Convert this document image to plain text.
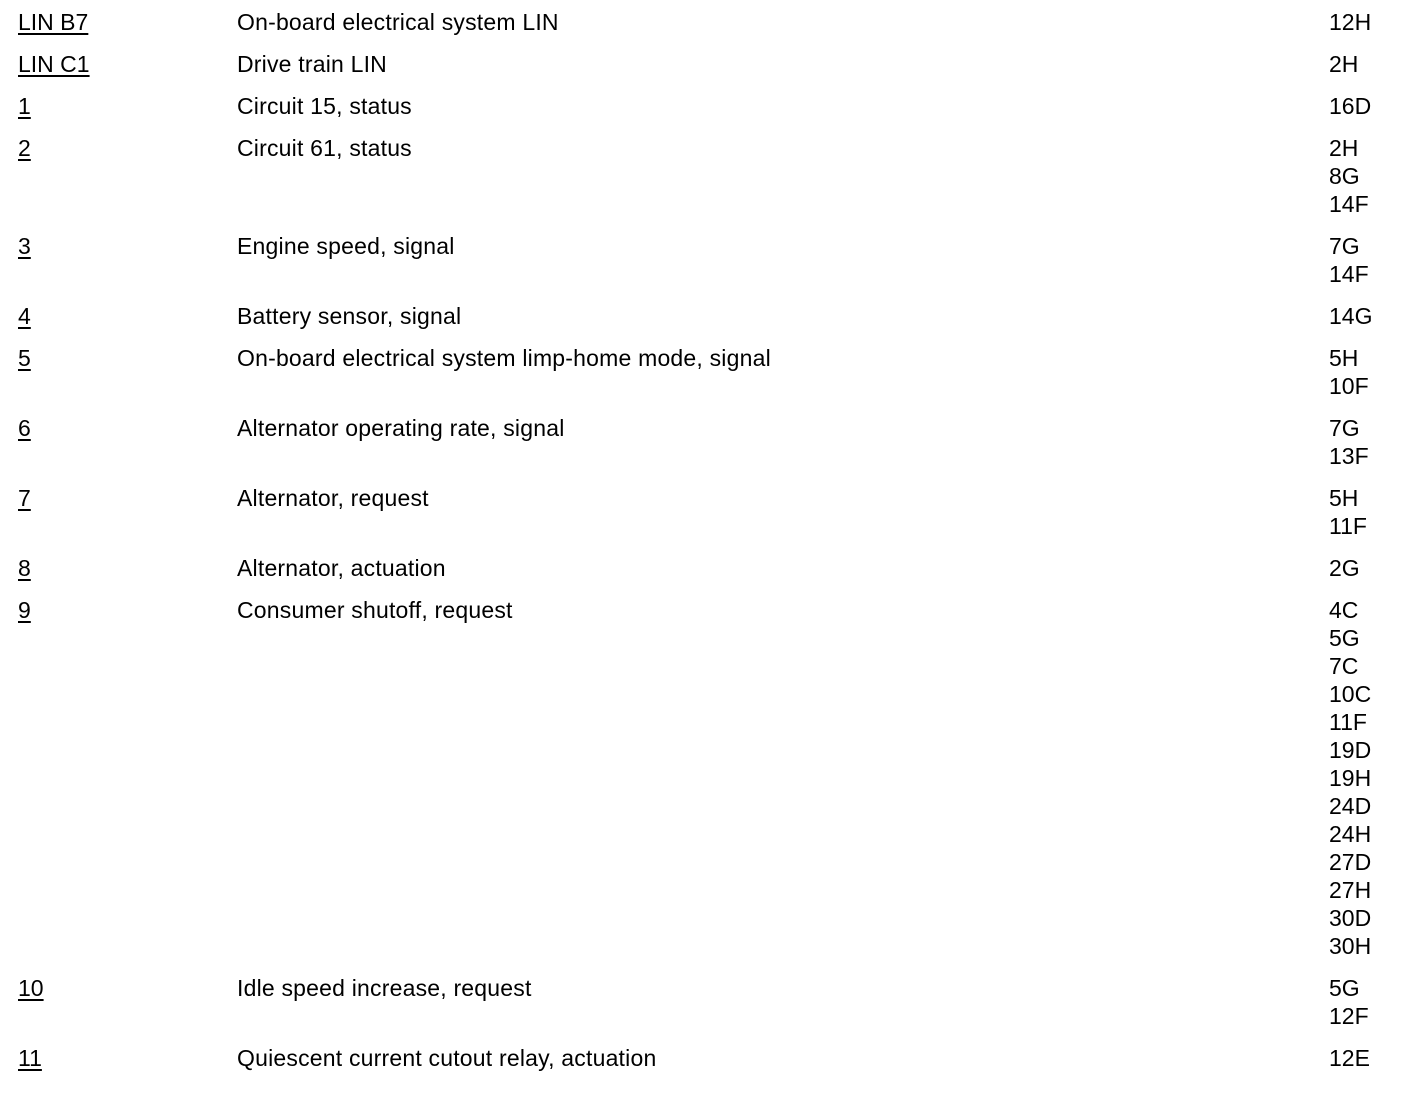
LIN B7	On-board electrical system LIN	12H
LIN C1	Drive train LIN	2H
1	Circuit 15, status	16D
2	Circuit 61, status	2H
8G
14F
3	Engine speed, signal	7G
14F
4	Battery sensor, signal	14G
5	On-board electrical system limp-home mode, signal	5H
10F
6	Alternator operating rate, signal	7G
13F
7	Alternator, request	5H
11F
8	Alternator, actuation	2G
9	Consumer shutoff, request	4C
5G
7C
10C
11F
19D
19H
24D
24H
27D
27H
30D
30H
10	Idle speed increase, request	5G
12F
11	Quiescent current cutout relay, actuation	12E
